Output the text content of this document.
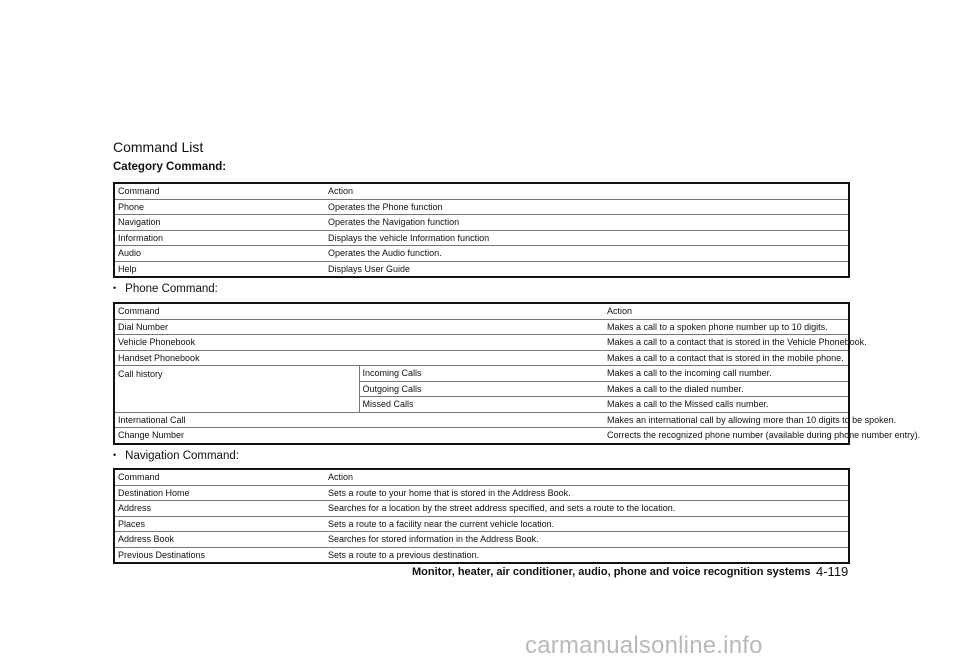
Command List
Category Command:
Command	Action
Phone	Operates the Phone function
Navigation	Operates the Navigation function
Information	Displays the vehicle Information function
Audio	Operates the Audio function.
Help	Displays User Guide
• Phone Command:
Command		Action
Dial Number		Makes a call to a spoken phone number up to 10 digits.
Vehicle Phonebook		Makes a call to a contact that is stored in the Vehicle Phonebook.
Handset Phonebook		Makes a call to a contact that is stored in the mobile phone.
Call history	Incoming Calls	Makes a call to the incoming call number.
	Outgoing Calls	Makes a call to the dialed number.
	Missed Calls	Makes a call to the Missed calls number.
International Call		Makes an international call by allowing more than 10 digits to be spoken.
Change Number		Corrects the recognized phone number (available during phone number entry).
• Navigation Command:
Command	Action
Destination Home	Sets a route to your home that is stored in the Address Book.
Address	Searches for a location by the street address specified, and sets a route to the location.
Places	Sets a route to a facility near the current vehicle location.
Address Book	Searches for stored information in the Address Book.
Previous Destinations	Sets a route to a previous destination.
Monitor, heater, air conditioner, audio, phone and voice recognition systems 4-119
carmanualsonline.info
